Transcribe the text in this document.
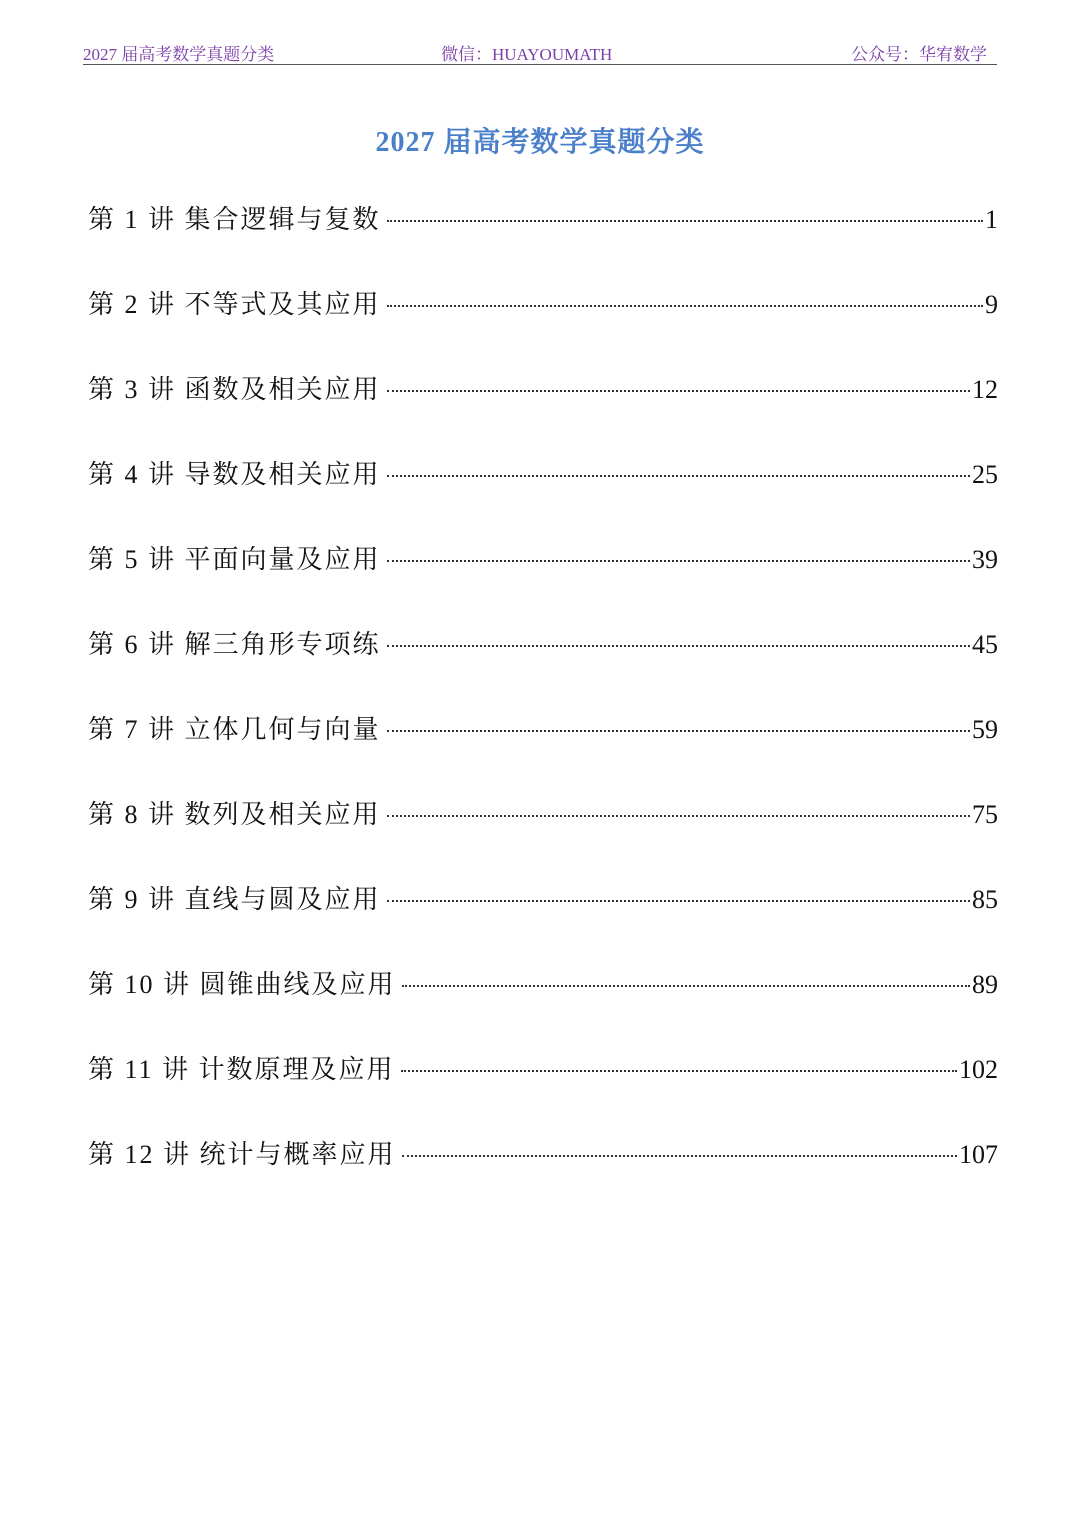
2027 届高考数学真题分类	微信：HUAYOUMATH	公众号：华宥数学
2027 届高考数学真题分类
第 1 讲 集合逻辑与复数	1
第 2 讲 不等式及其应用	9
第 3 讲 函数及相关应用	12
第 4 讲 导数及相关应用	25
第 5 讲 平面向量及应用	39
第 6 讲 解三角形专项练	45
第 7 讲 立体几何与向量	59
第 8 讲 数列及相关应用	75
第 9 讲 直线与圆及应用	85
第 10 讲 圆锥曲线及应用	89
第 11 讲 计数原理及应用	102
第 12 讲 统计与概率应用	107
